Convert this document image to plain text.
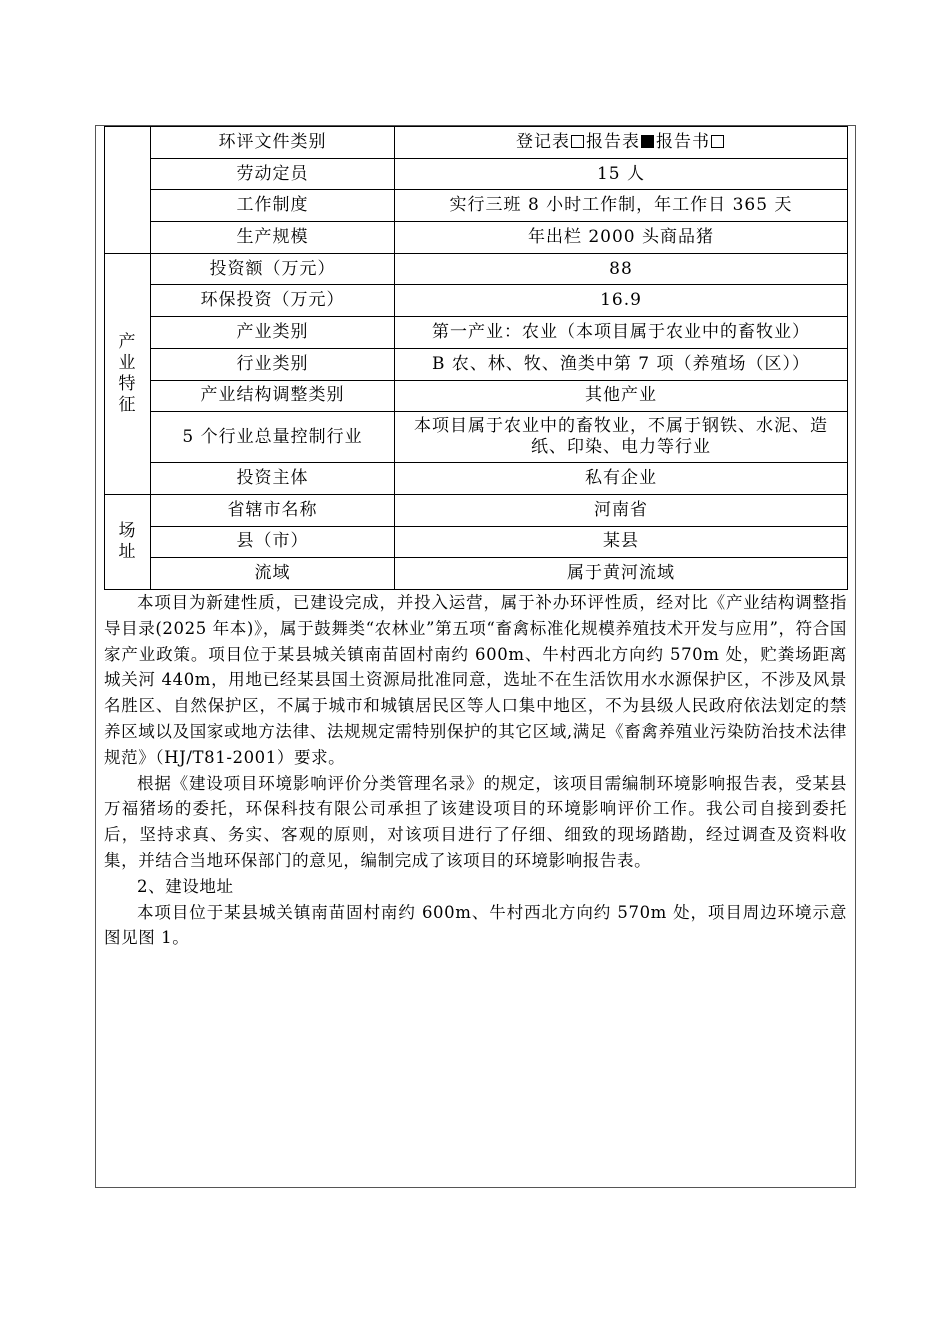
	环评文件类别	登记表 报告表 报告书
	劳动定员	15 人
	工作制度	实行三班 8 小时工作制，年工作日 365 天
	生产规模	年出栏 2000 头商品猪
产
业
特
征	投资额（万元）	88
	环保投资（万元）	16.9
	产业类别	第一产业：农业（本项目属于农业中的畜牧业）
	行业类别	B 农、林、牧、渔类中第 7 项（养殖场（区））
	产业结构调整类别	其他产业
	5 个行业总量控制行业	本项目属于农业中的畜牧业，不属于钢铁、水泥、造纸、印染、电力等行业
	投资主体	私有企业
场
址	省辖市名称	河南省
	县（市）	某县
	流域	属于黄河流域

本项目为新建性质，已建设完成，并投入运营，属于补办环评性质，经对比《产业结构调整指导目录(2025 年本)》，属于鼓舞类“农林业”第五项“畜禽标准化规模养殖技术开发与应用”，符合国家产业政策。项目位于某县城关镇南苗固村南约 600m、牛村西北方向约 570m 处，贮粪场距离城关河 440m，用地已经某县国土资源局批准同意，选址不在生活饮用水水源保护区，不涉及风景名胜区、自然保护区，不属于城市和城镇居民区等人口集中地区，不为县级人民政府依法划定的禁养区域以及国家或地方法律、法规规定需特别保护的其它区域,满足《畜禽养殖业污染防治技术法律规范》（HJ/T81-2001）要求。

根据《建设项目环境影响评价分类管理名录》的规定，该项目需编制环境影响报告表，受某县万福猪场的委托，环保科技有限公司承担了该建设项目的环境影响评价工作。我公司自接到委托后，坚持求真、务实、客观的原则，对该项目进行了仔细、细致的现场踏勘，经过调查及资料收集，并结合当地环保部门的意见，编制完成了该项目的环境影响报告表。

2、建设地址

本项目位于某县城关镇南苗固村南约 600m、牛村西北方向约 570m 处，项目周边环境示意图见图 1。
